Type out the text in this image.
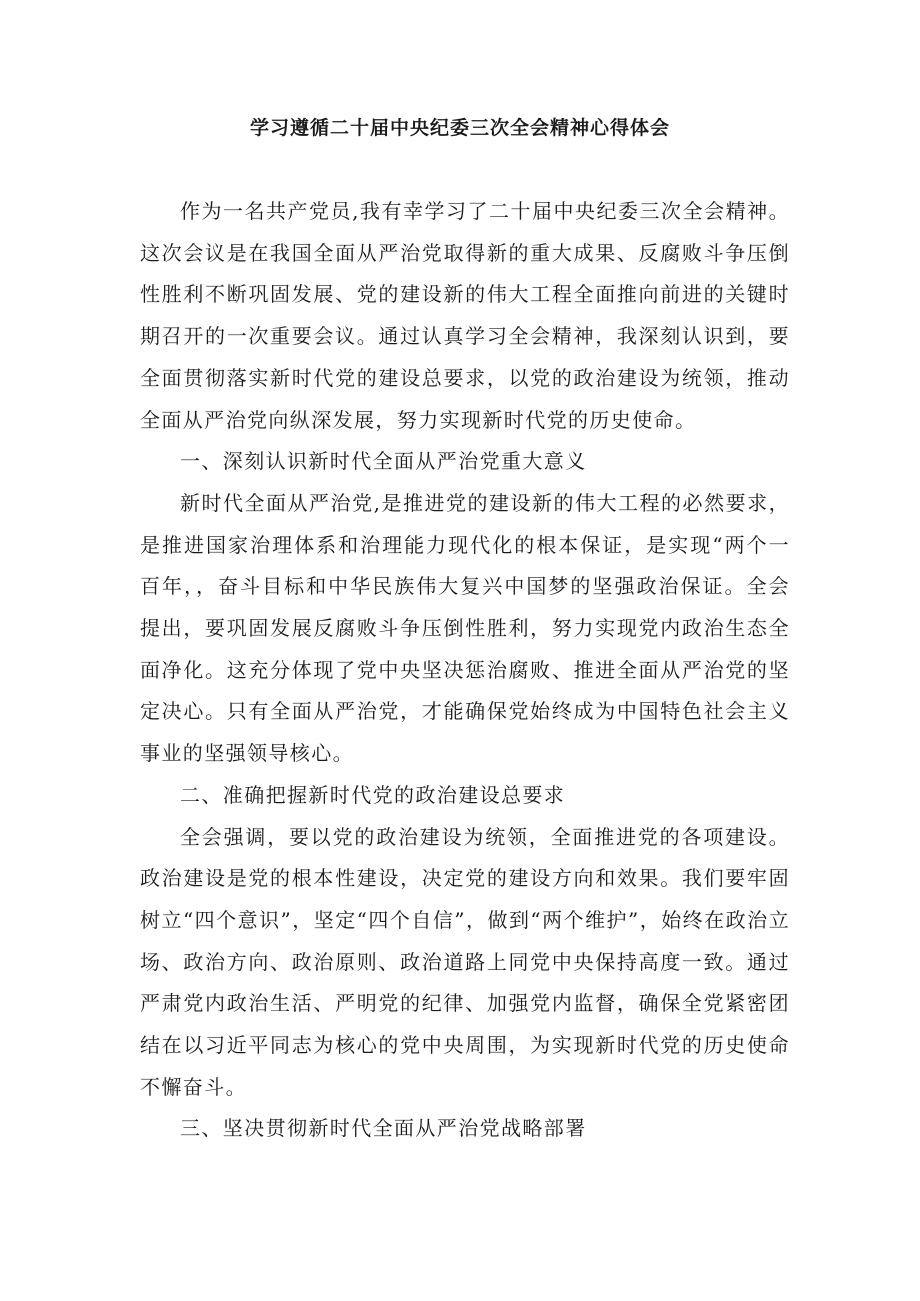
学习遵循二十届中央纪委三次全会精神心得体会

作为一名共产党员,我有幸学习了二十届中央纪委三次全会精神。这次会议是在我国全面从严治党取得新的重大成果、反腐败斗争压倒性胜利不断巩固发展、党的建设新的伟大工程全面推向前进的关键时期召开的一次重要会议。通过认真学习全会精神，我深刻认识到，要全面贯彻落实新时代党的建设总要求，以党的政治建设为统领，推动全面从严治党向纵深发展，努力实现新时代党的历史使命。

一、深刻认识新时代全面从严治党重大意义

新时代全面从严治党,是推进党的建设新的伟大工程的必然要求，是推进国家治理体系和治理能力现代化的根本保证，是实现“两个一百年，，奋斗目标和中华民族伟大复兴中国梦的坚强政治保证。全会提出，要巩固发展反腐败斗争压倒性胜利，努力实现党内政治生态全面净化。这充分体现了党中央坚决惩治腐败、推进全面从严治党的坚定决心。只有全面从严治党，才能确保党始终成为中国特色社会主义事业的坚强领导核心。

二、准确把握新时代党的政治建设总要求

全会强调，要以党的政治建设为统领，全面推进党的各项建设。政治建设是党的根本性建设，决定党的建设方向和效果。我们要牢固树立“四个意识”，坚定“四个自信”，做到“两个维护”，始终在政治立场、政治方向、政治原则、政治道路上同党中央保持高度一致。通过严肃党内政治生活、严明党的纪律、加强党内监督，确保全党紧密团结在以习近平同志为核心的党中央周围，为实现新时代党的历史使命不懈奋斗。

三、坚决贯彻新时代全面从严治党战略部署
